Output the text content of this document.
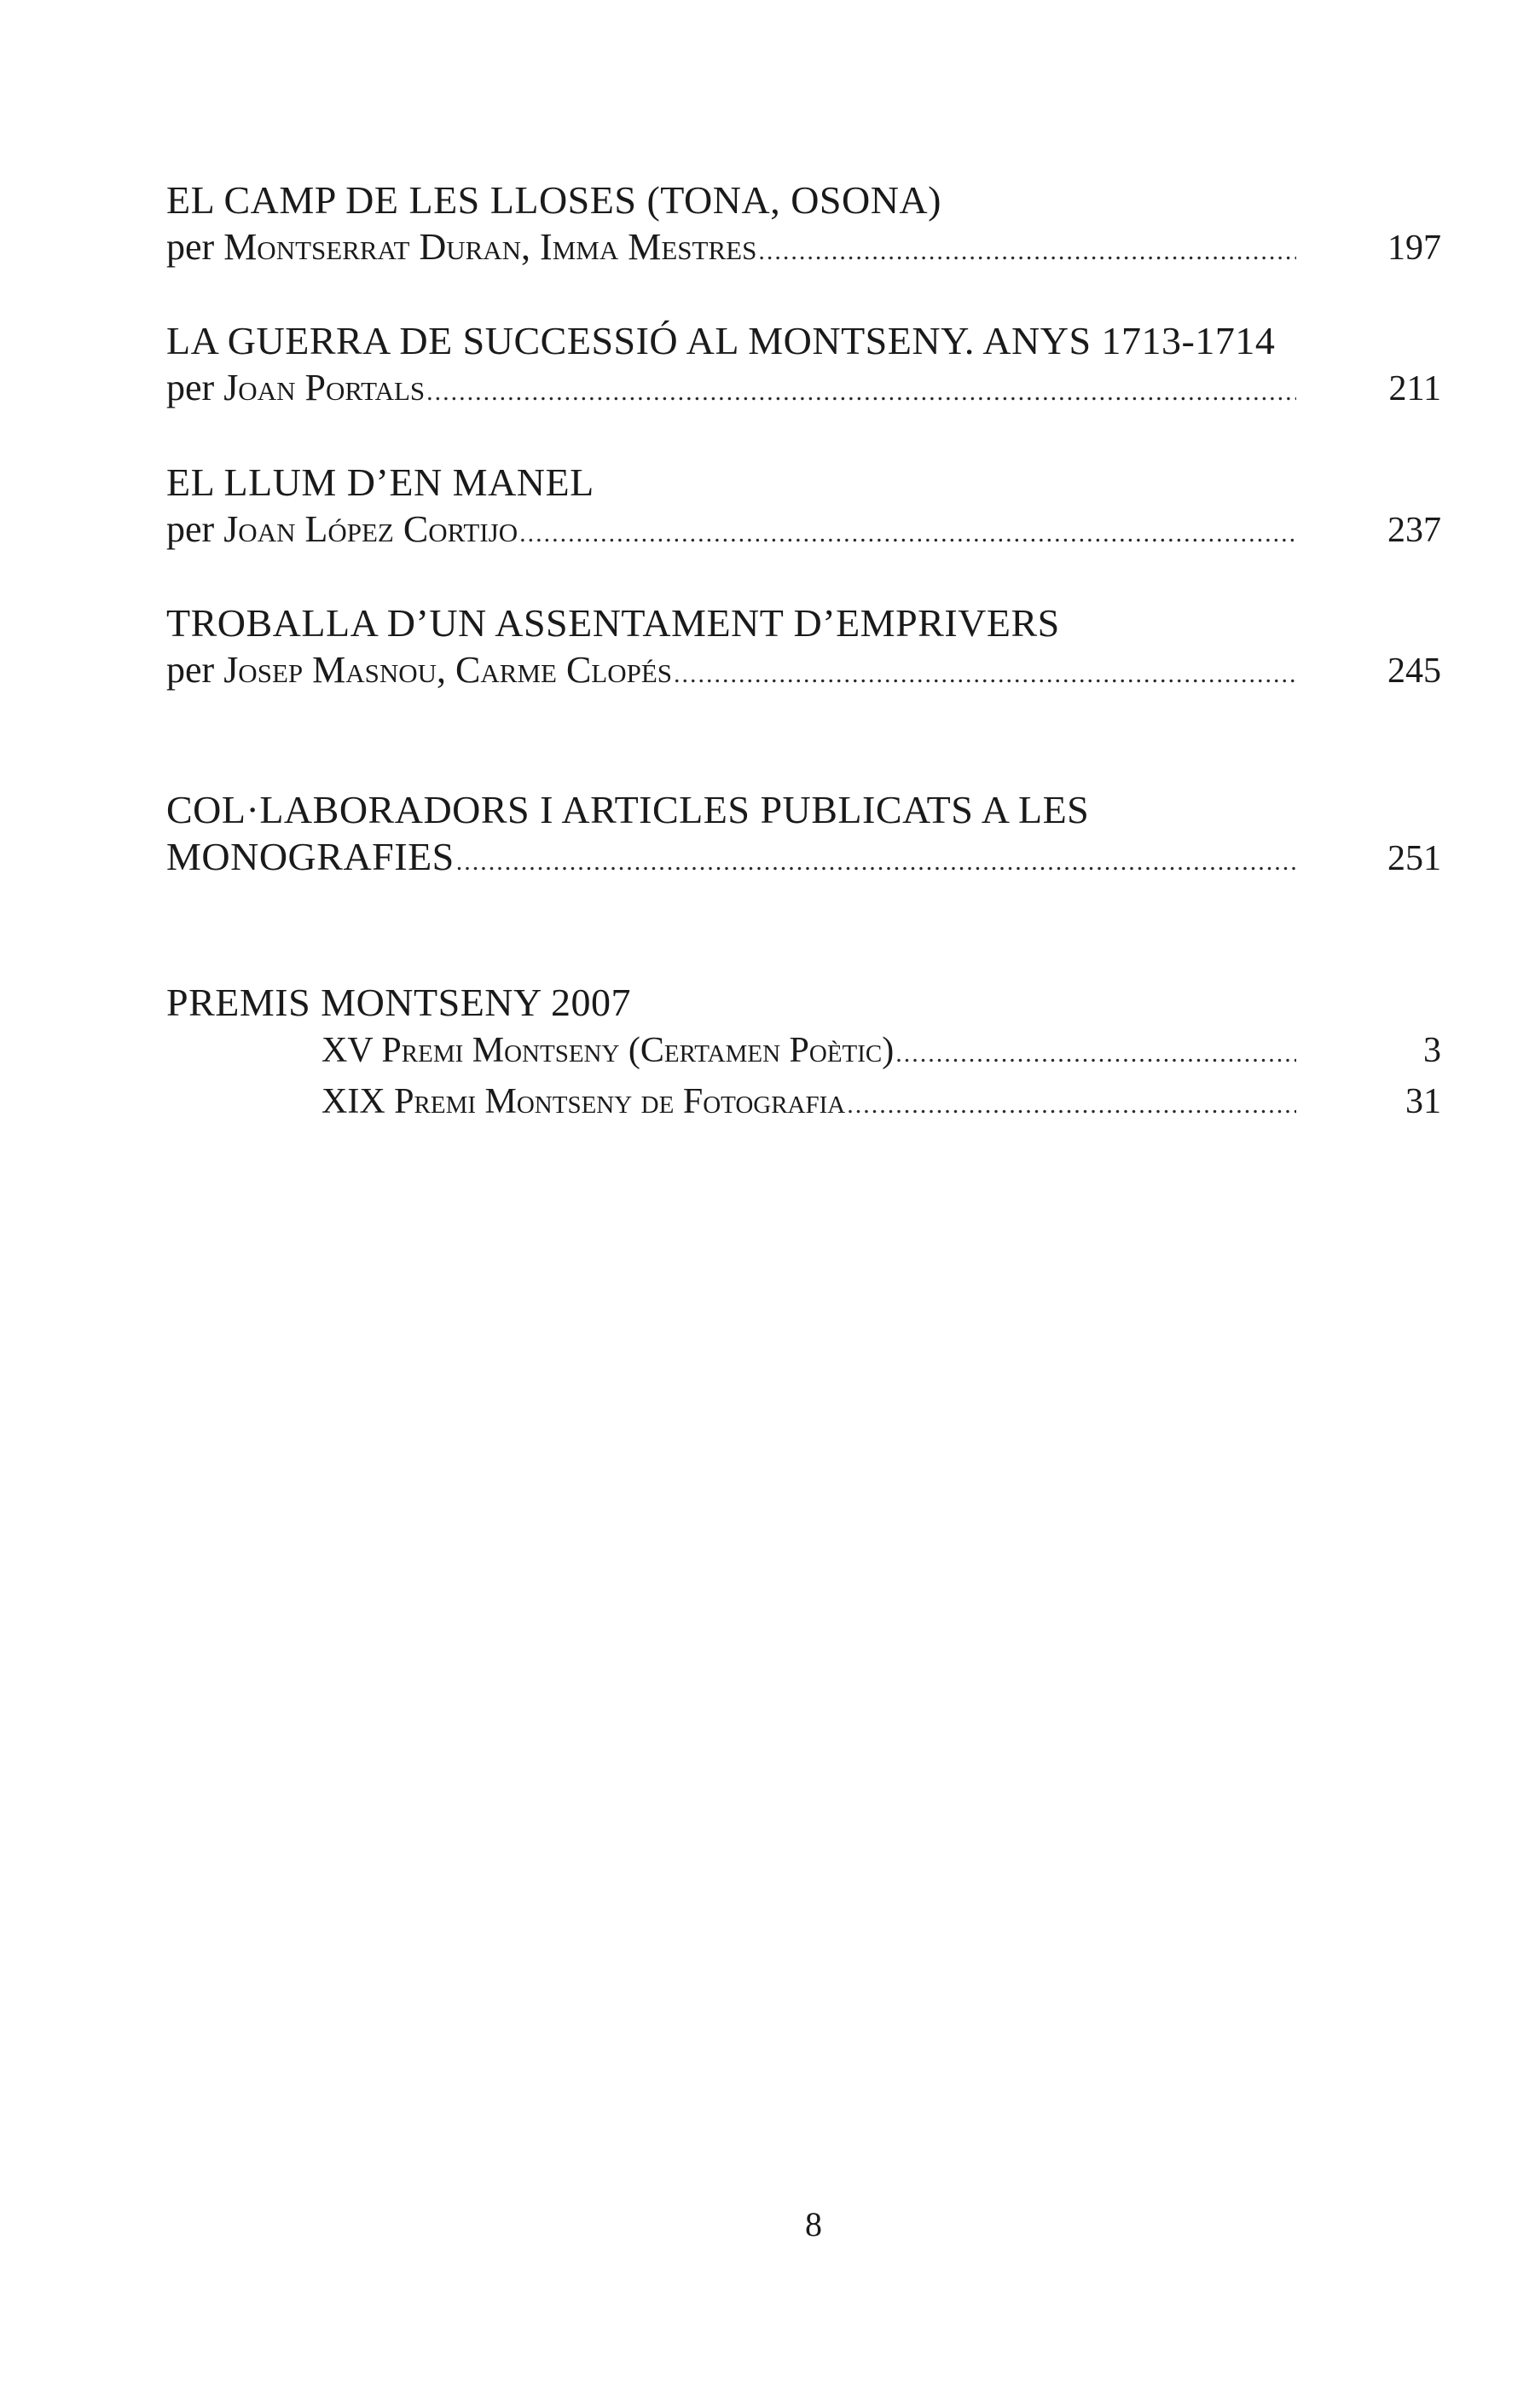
EL CAMP DE LES LLOSES (TONA, OSONA)
per Montserrat Duran, Imma Mestres .....	197
LA GUERRA DE SUCCESSIÓ AL MONTSENY. ANYS 1713-1714
per Joan Portals .....	211
EL LLUM D’EN MANEL
per Joan López Cortijo .....	237
TROBALLA D’UN ASSENTAMENT D’EMPRIVERS
per Josep Masnou, Carme Clopés .....	245
COL·LABORADORS I ARTICLES PUBLICATS A LES
MONOGRAFIES .....	251
PREMIS MONTSENY 2007
XV Premi Montseny (Certamen Poètic) .....	3
XIX Premi Montseny de Fotografia .....	31
8
